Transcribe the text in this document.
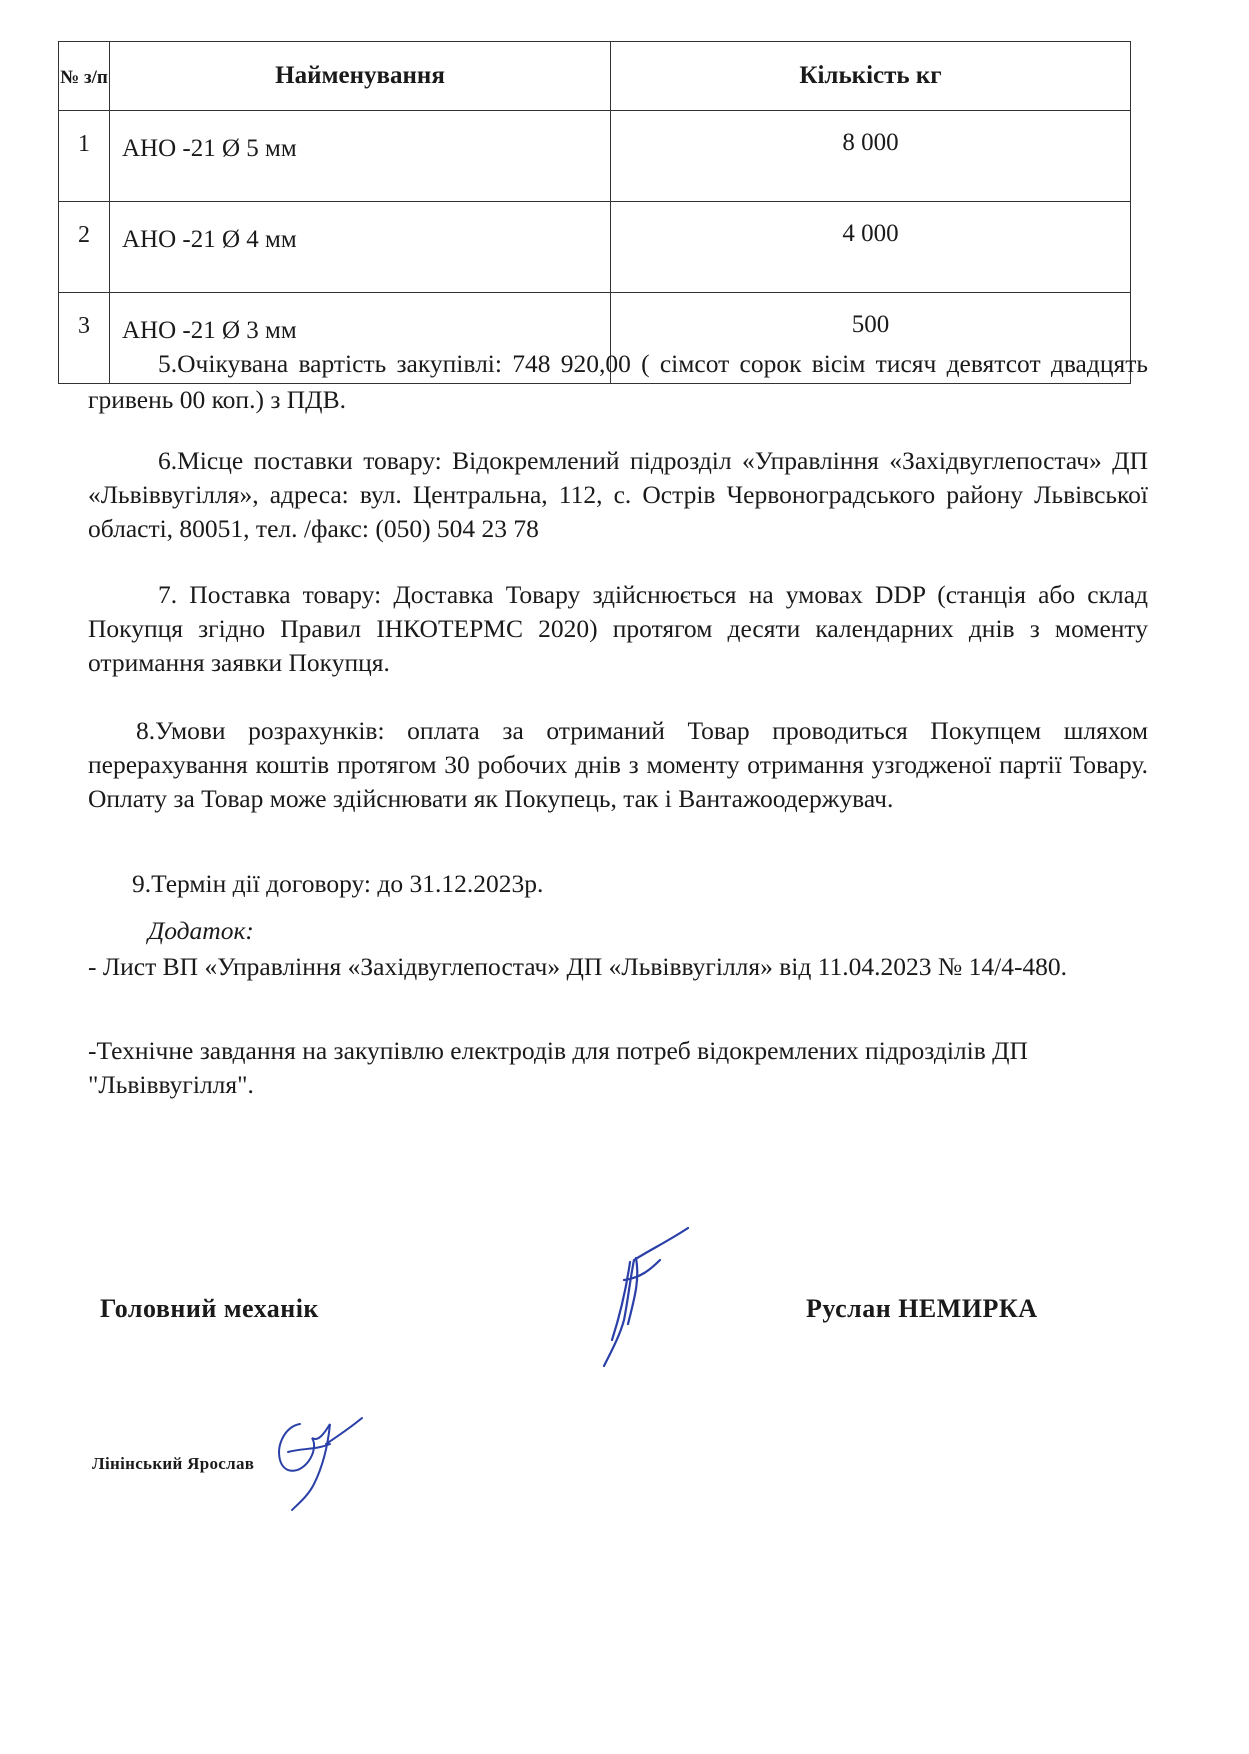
№ з/п	Найменування	Кількість кг
1	АНО -21 Ø 5 мм	8 000
2	АНО -21 Ø 4 мм	4 000
3	АНО -21 Ø 3 мм	500

5.Очікувана вартість закупівлі: 748 920,00 ( сімсот сорок вісім тисяч девятсот двадцять гривень 00 коп.) з ПДВ.

6.Місце поставки товару: Відокремлений підрозділ «Управління «Західвуглепостач» ДП «Львіввугілля», адреса: вул. Центральна, 112, с. Острів Червоноградського району Львівської області, 80051, тел. /факс: (050) 504 23 78

7. Поставка товару: Доставка Товару здійснюється на умовах DDP (станція або склад Покупця згідно Правил ІНКОТЕРМС 2020) протягом десяти календарних днів з моменту отримання заявки Покупця.

8.Умови розрахунків: оплата за отриманий Товар проводиться Покупцем шляхом перерахування коштів протягом 30 робочих днів з моменту отримання узгодженої партії Товару. Оплату за Товар може здійснювати як Покупець, так і Вантажоодержувач.

9.Термін дії договору: до 31.12.2023р.

Додаток:

- Лист ВП «Управління «Західвуглепостач» ДП «Львіввугілля» від 11.04.2023 № 14/4-480.

-Технічне завдання на закупівлю електродів для потреб відокремлених підрозділів ДП "Львіввугілля".

Головний механік	Руслан НЕМИРКА
Лінінський Ярослав
